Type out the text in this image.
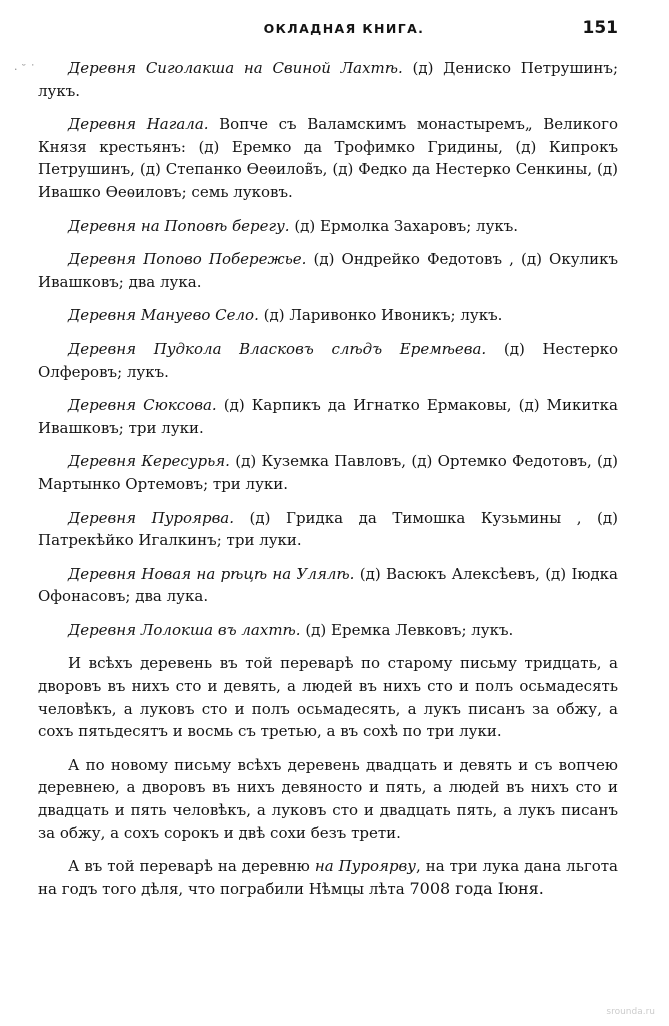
· ˘ ˙
ОКЛАДНАЯ КНИГА.	151

Деревня Сиголакша на Свиной Лахтѣ. (д) Дениско Петрушинъ; лукъ.

Деревня Нагала. Вопче съ Валамскимъ монастыремъ„ Великого Князя крестьянъ: (д) Еремко да Трофимко Гридины, (д) Кипрокъ Петрушинъ, (д) Степанко Өеѳилов̃ъ, (д) Федко да Нестерко Сенкины, (д) Ивашко Өеѳиловъ; семь луковъ.

Деревня на Поповѣ берегу. (д) Ермолка Захаровъ; лукъ.

Деревня Попово Побережье. (д) Ондрейко Федотовъ , (д) Окуликъ Ивашковъ; два лука.

Деревня Мануево Село. (д) Ларивонко Ивоникъ; лукъ.

Деревня Пудкола Власковъ слѣдъ Еремѣева. (д) Нестерко Олферовъ; лукъ.

Деревня Сюксова. (д) Карпикъ да Игнатко Ермаковы, (д) Микитка Ивашковъ; три луки.

Деревня Кересурья. (д) Куземка Павловъ, (д) Ортемко Федотовъ, (д) Мартынко Ортемовъ; три луки.

Деревня Пуроярва. (д) Гридка да Тимошка Кузьмины , (д) Патрекѣйко Игалкинъ; три луки.

Деревня Новая на рѣцѣ на Улялѣ. (д) Васюкъ Алексѣевъ, (д) Іюдка Офонасовъ; два лука.

Деревня Лолокша въ лахтѣ. (д) Еремка Левковъ; лукъ.

И всѣхъ деревень въ той переварѣ по старому письму тридцать, а дворовъ въ нихъ сто и девять, а людей въ нихъ сто и полъ осьмадесять человѣкъ, а луковъ сто и полъ осьмадесять, а лукъ писанъ за обжу, а сохъ пятьдесятъ и восмь съ третью, а въ сохѣ по три луки.

А по новому письму всѣхъ деревень двадцать и девять и съ вопчею деревнею, а дворовъ въ нихъ девяносто и пять, а людей въ нихъ сто и двадцать и пять человѣкъ, а луковъ сто и двадцать пять, а лукъ писанъ за обжу, а сохъ сорокъ и двѣ сохи безъ трети.

А въ той переварѣ на деревню на Пуроярву, на три лука дана льгота на годъ того дѣля, что пограбили Нѣмцы лѣта 7008 года Іюня.

srounda.ru
